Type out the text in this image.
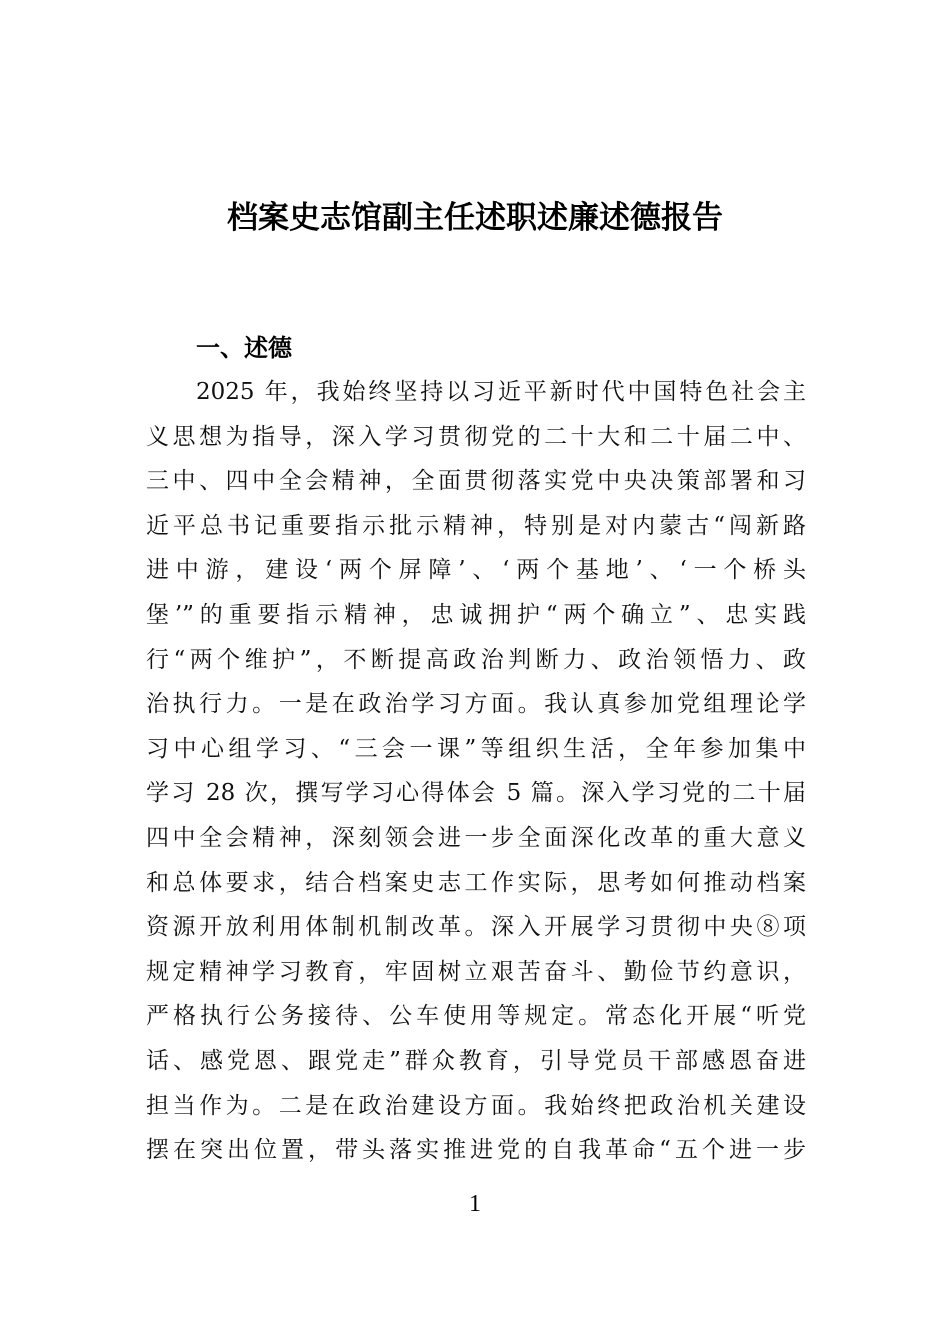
档案史志馆副主任述职述廉述德报告
一、述德
2025 年，我始终坚持以习近平新时代中国特色社会主
义思想为指导，深入学习贯彻党的二十大和二十届二中、
三中、四中全会精神，全面贯彻落实党中央决策部署和习
近平总书记重要指示批示精神，特别是对内蒙古“闯新路
进中游，建设‘两个屏障’、‘两个基地’、‘一个桥头
堡’”的重要指示精神，忠诚拥护“两个确立”、忠实践
行“两个维护”，不断提高政治判断力、政治领悟力、政
治执行力。一是在政治学习方面。我认真参加党组理论学
习中心组学习、“三会一课”等组织生活，全年参加集中
学习 28 次，撰写学习心得体会 5 篇。深入学习党的二十届
四中全会精神，深刻领会进一步全面深化改革的重大意义
和总体要求，结合档案史志工作实际，思考如何推动档案
资源开放利用体制机制改革。深入开展学习贯彻中央⑧项
规定精神学习教育，牢固树立艰苦奋斗、勤俭节约意识，
严格执行公务接待、公车使用等规定。常态化开展“听党
话、感党恩、跟党走”群众教育，引导党员干部感恩奋进
担当作为。二是在政治建设方面。我始终把政治机关建设
摆在突出位置，带头落实推进党的自我革命“五个进一步
1
